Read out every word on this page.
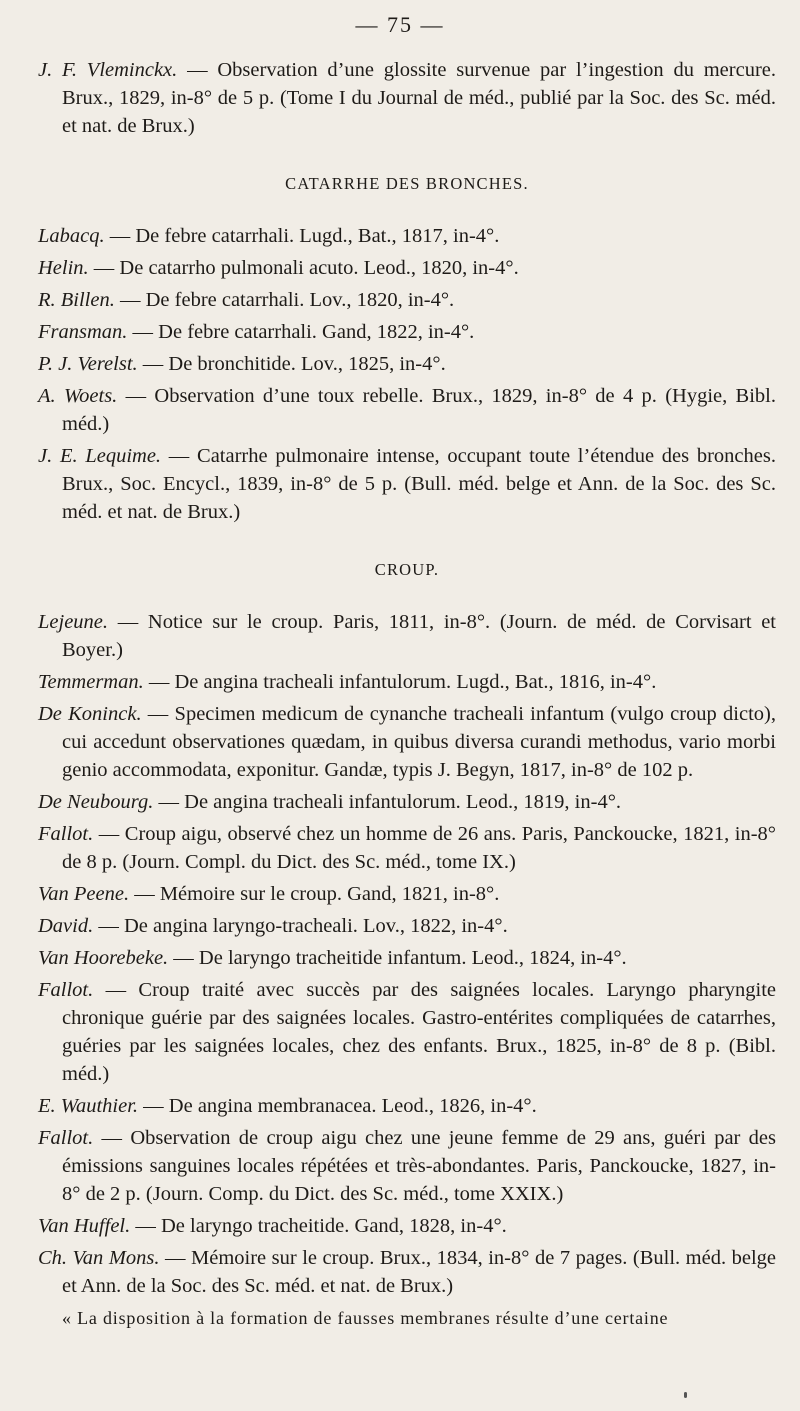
— 75 —

J. F. Vleminckx. — Observation d’une glossite survenue par l’ingestion du mercure. Brux., 1829, in-8° de 5 p. (Tome I du Journal de méd., publié par la Soc. des Sc. méd. et nat. de Brux.)

CATARRHE DES BRONCHES.

Labacq. — De febre catarrhali. Lugd., Bat., 1817, in-4°.

Helin. — De catarrho pulmonali acuto. Leod., 1820, in-4°.

R. Billen. — De febre catarrhali. Lov., 1820, in-4°.

Fransman. — De febre catarrhali. Gand, 1822, in-4°.

P. J. Verelst. — De bronchitide. Lov., 1825, in-4°.

A. Woets. — Observation d’une toux rebelle. Brux., 1829, in-8° de 4 p. (Hygie, Bibl. méd.)

J. E. Lequime. — Catarrhe pulmonaire intense, occupant toute l’étendue des bronches. Brux., Soc. Encycl., 1839, in-8° de 5 p. (Bull. méd. belge et Ann. de la Soc. des Sc. méd. et nat. de Brux.)

CROUP.

Lejeune. — Notice sur le croup. Paris, 1811, in-8°. (Journ. de méd. de Corvisart et Boyer.)

Temmerman. — De angina tracheali infantulorum. Lugd., Bat., 1816, in-4°.

De Koninck. — Specimen medicum de cynanche tracheali infantum (vulgo croup dicto), cui accedunt observationes quædam, in quibus diversa curandi methodus, vario morbi genio accommodata, exponitur. Gandæ, typis J. Begyn, 1817, in-8° de 102 p.

De Neubourg. — De angina tracheali infantulorum. Leod., 1819, in-4°.

Fallot. — Croup aigu, observé chez un homme de 26 ans. Paris, Panckoucke, 1821, in-8° de 8 p. (Journ. Compl. du Dict. des Sc. méd., tome IX.)

Van Peene. — Mémoire sur le croup. Gand, 1821, in-8°.

David. — De angina laryngo-tracheali. Lov., 1822, in-4°.

Van Hoorebeke. — De laryngo tracheitide infantum. Leod., 1824, in-4°.

Fallot. — Croup traité avec succès par des saignées locales. Laryngo pharyngite chronique guérie par des saignées locales. Gastro-entérites compliquées de catarrhes, guéries par les saignées locales, chez des enfants. Brux., 1825, in-8° de 8 p. (Bibl. méd.)

E. Wauthier. — De angina membranacea. Leod., 1826, in-4°.

Fallot. — Observation de croup aigu chez une jeune femme de 29 ans, guéri par des émissions sanguines locales répétées et très-abondantes. Paris, Panckoucke, 1827, in-8° de 2 p. (Journ. Comp. du Dict. des Sc. méd., tome XXIX.)

Van Huffel. — De laryngo tracheitide. Gand, 1828, in-4°.

Ch. Van Mons. — Mémoire sur le croup. Brux., 1834, in-8° de 7 pages. (Bull. méd. belge et Ann. de la Soc. des Sc. méd. et nat. de Brux.)

« La disposition à la formation de fausses membranes résulte d’une certaine
